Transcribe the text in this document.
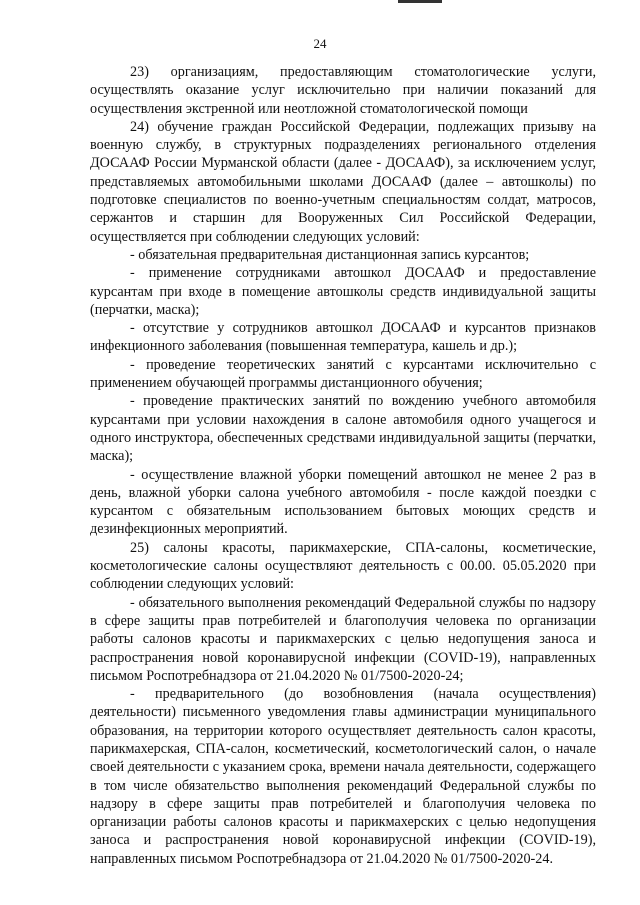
24

23) организациям, предоставляющим стоматологические услуги, осуществлять оказание услуг исключительно при наличии показаний для осуществления экстренной или неотложной стоматологической помощи

24) обучение граждан Российской Федерации, подлежащих призыву на военную службу, в структурных подразделениях регионального отделения ДОСААФ России Мурманской области (далее - ДОСААФ), за исключением услуг, представляемых автомобильными школами ДОСААФ (далее – автошколы) по подготовке специалистов по военно-учетным специальностям солдат, матросов, сержантов и старшин для Вооруженных Сил Российской Федерации, осуществляется при соблюдении следующих условий:

- обязательная предварительная дистанционная запись курсантов;

- применение сотрудниками автошкол ДОСААФ и предоставление курсантам при входе в помещение автошколы средств индивидуальной защиты (перчатки, маска);

- отсутствие у сотрудников автошкол ДОСААФ и курсантов признаков инфекционного заболевания (повышенная температура, кашель и др.);

- проведение теоретических занятий с курсантами исключительно с применением обучающей программы дистанционного обучения;

- проведение практических занятий по вождению учебного автомобиля курсантами при условии нахождения в салоне автомобиля одного учащегося и одного инструктора, обеспеченных средствами индивидуальной защиты (перчатки, маска);

- осуществление влажной уборки помещений автошкол не менее 2 раз в день, влажной уборки салона учебного автомобиля - после каждой поездки с курсантом с обязательным использованием бытовых моющих средств и дезинфекционных мероприятий.

25) салоны красоты, парикмахерские, СПА-салоны, косметические, косметологические салоны осуществляют деятельность с 00.00. 05.05.2020 при соблюдении следующих условий:

- обязательного выполнения рекомендаций Федеральной службы по надзору в сфере защиты прав потребителей и благополучия человека по организации работы салонов красоты и парикмахерских с целью недопущения заноса и распространения новой коронавирусной инфекции (COVID-19), направленных письмом Роспотребнадзора от 21.04.2020 № 01/7500-2020-24;

- предварительного (до возобновления (начала осуществления) деятельности) письменного уведомления главы администрации муниципального образования, на территории которого осуществляет деятельность салон красоты, парикмахерская, СПА-салон, косметический, косметологический салон, о начале своей деятельности с указанием срока, времени начала деятельности, содержащего в том числе обязательство выполнения рекомендаций Федеральной службы по надзору в сфере защиты прав потребителей и благополучия человека по организации работы салонов красоты и парикмахерских с целью недопущения заноса и распространения новой коронавирусной инфекции (COVID-19), направленных письмом Роспотребнадзора от 21.04.2020 № 01/7500-2020-24.
